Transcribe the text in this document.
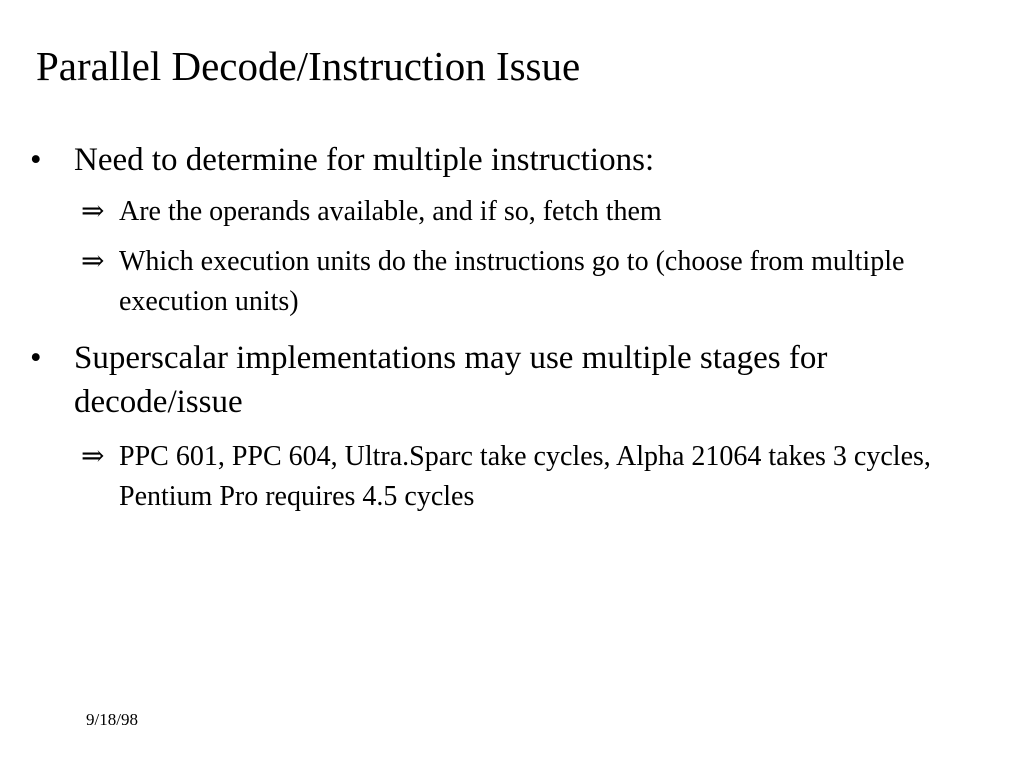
Parallel Decode/Instruction Issue
• Need to determine for multiple instructions:
⇒ Are the operands available, and if so, fetch them
⇒ Which execution units do the instructions go to (choose from multiple execution units)
• Superscalar implementations may use multiple stages for decode/issue
⇒ PPC 601, PPC 604, Ultra.Sparc take cycles, Alpha 21064 takes 3 cycles, Pentium Pro requires 4.5 cycles
9/18/98
